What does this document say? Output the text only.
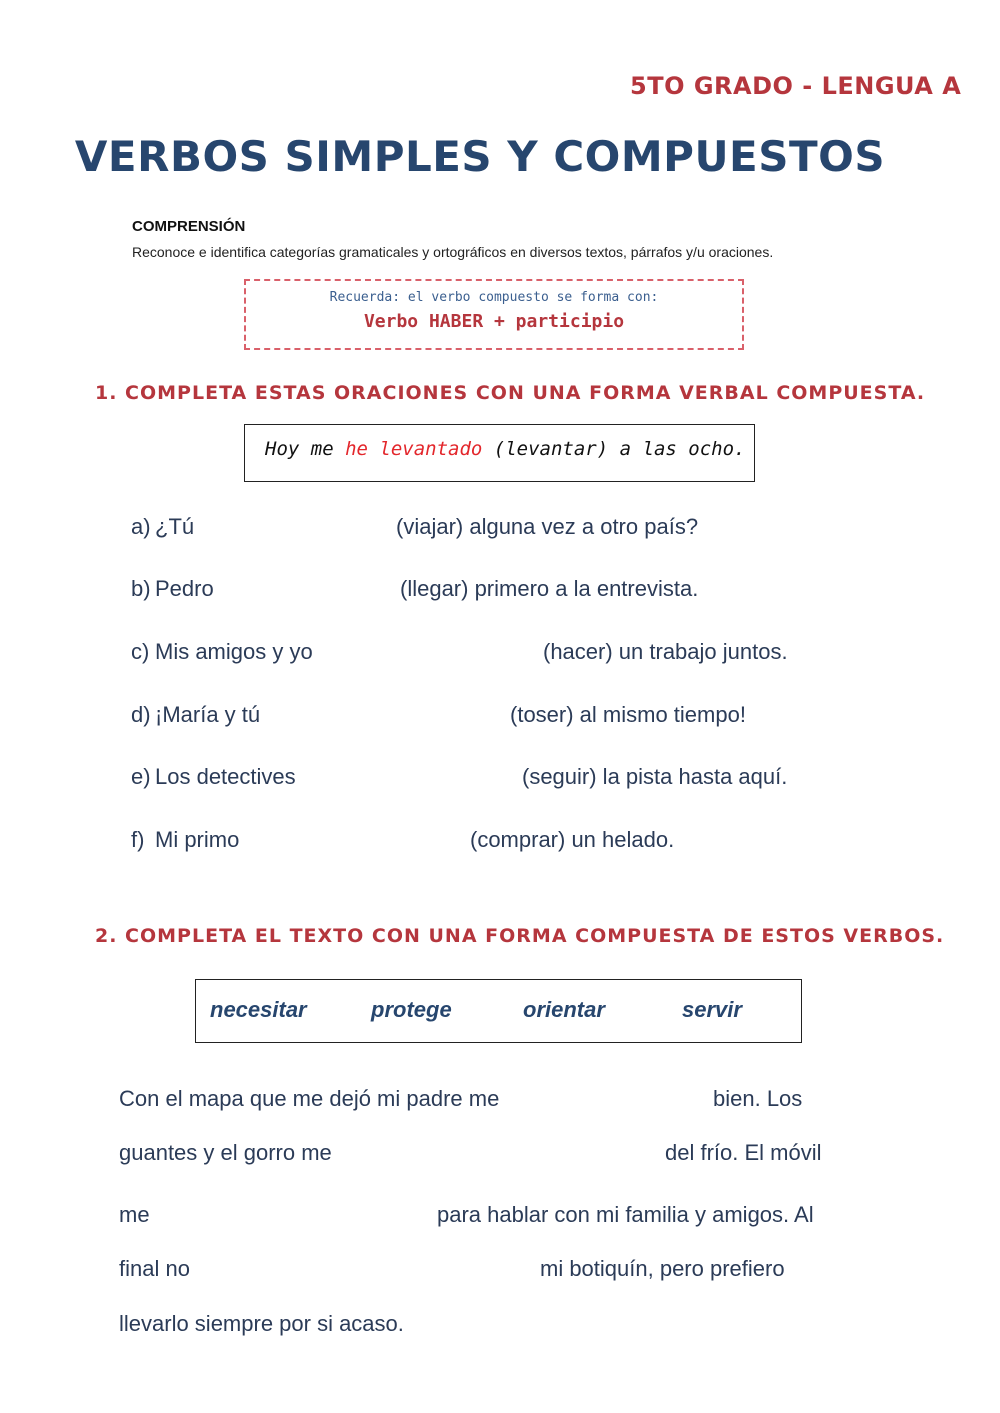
5TO GRADO - LENGUA A
VERBOS SIMPLES Y COMPUESTOS
COMPRENSIÓN
Reconoce e identifica categorías gramaticales y ortográficos en diversos textos, párrafos y/u oraciones.
Recuerda: el verbo compuesto se forma con:
Verbo HABER + participio
1. COMPLETA ESTAS ORACIONES CON UNA FORMA VERBAL COMPUESTA.
Hoy me he levantado (levantar) a las ocho.
a) ¿Tú	(viajar) alguna vez a otro país?
b) Pedro	(llegar) primero a la entrevista.
c) Mis amigos y yo	(hacer) un trabajo juntos.
d) ¡María y tú	(toser) al mismo tiempo!
e) Los detectives	(seguir) la pista hasta aquí.
f) Mi primo	(comprar) un helado.
2. COMPLETA EL TEXTO CON UNA FORMA COMPUESTA DE ESTOS VERBOS.
necesitar	protege	orientar	servir
Con el mapa que me dejó mi padre me	bien. Los
guantes y el gorro me	del frío. El móvil
me	para hablar con mi familia y amigos. Al
final no	mi botiquín, pero prefiero
llevarlo siempre por si acaso.
